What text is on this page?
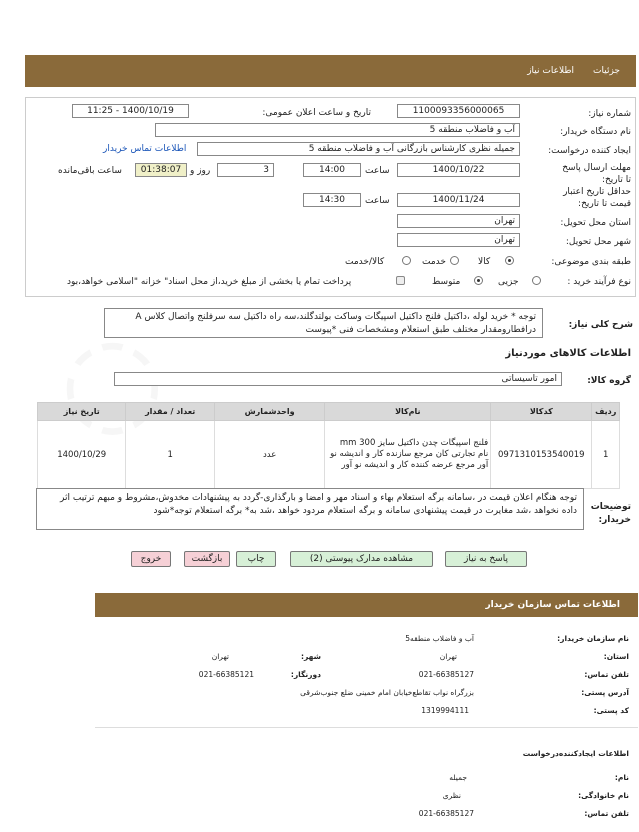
جزئیات
اطلاعات نیاز
شماره نیاز:
1100093356000065
تاریخ و ساعت اعلان عمومی:
1400/10/19 - 11:25
نام دستگاه خریدار:
آب و فاضلاب منطقه 5
ایجاد کننده درخواست:
جمیله نظری کارشناس بازرگانی آب و فاضلاب منطقه 5
اطلاعات تماس خریدار
مهلت ارسال پاسخ تا تاریخ:
1400/10/22
ساعت
14:00
3
روز و
01:38:07
ساعت باقی‌مانده
حداقل تاریخ اعتبار قیمت تا تاریخ:
1400/11/24
ساعت
14:30
استان محل تحویل:
تهران
شهر محل تحویل:
تهران
طبقه بندی موضوعی:
کالا
خدمت
کالا/خدمت
نوع فرآیند خرید :
جزیی
متوسط
پرداخت تمام یا بخشی از مبلغ خرید،از محل اسناد" خزانه "اسلامی خواهد،بود
شرح کلی نیاز:
توجه * خرید لوله ،داکتیل فلنج داکتیل اسپیگات وساکت بولتدگلند،سه راه داکتیل سه سرفلنج واتصال کلاس A درافطارومقدار مختلف طبق استعلام ومشخصات فنی *پیوست
اطلاعات کالاهای موردنیاز
گروه کالا:
امور تاسیساتی
ردیف	کدکالا	نام‌کالا	واحدشمارش	تعداد / مقدار	تاریخ نیاز
1	0971310153540019	فلنج اسپیگات چدن داکتیل سایز 300 mm نام تجارتی کان مرجع سازنده کار و اندیشه نو آور مرجع عرضه کننده کار و اندیشه نو آور	عدد	1	1400/10/29
توضیحات خریدار:
توجه هنگام اعلان قیمت در ،سامانه برگه استعلام بهاء و اسناد مهر و امضا و بارگذاری-گردد به پیشنهادات مخدوش،مشروط و مبهم ترتیب اثر داده نخواهد ،شد مغایرت در قیمت پیشنهادی سامانه و برگه استعلام مردود خواهد ،شد به* برگه استعلام توجه*شود
پاسخ به نیاز
مشاهده مدارک پیوستی (2)
چاپ
بازگشت
خروج
اطلاعات تماس سازمان خریدار
نام سازمان خریدار:
آب و فاضلاب منطقه5
استان:
تهران
شهر:
تهران
تلفن تماس:
021-66385127
دورنگار:
021-66385121
آدرس پستی:
بزرگراه نواب تقاطع‌خیابان امام خمینی ضلع جنوب‌شرقی
کد پستی:
1319994111
اطلاعات ایجادکننده‌درخواست
نام:
جمیله
نام خانوادگی:
نظری
تلفن تماس:
021-66385127
